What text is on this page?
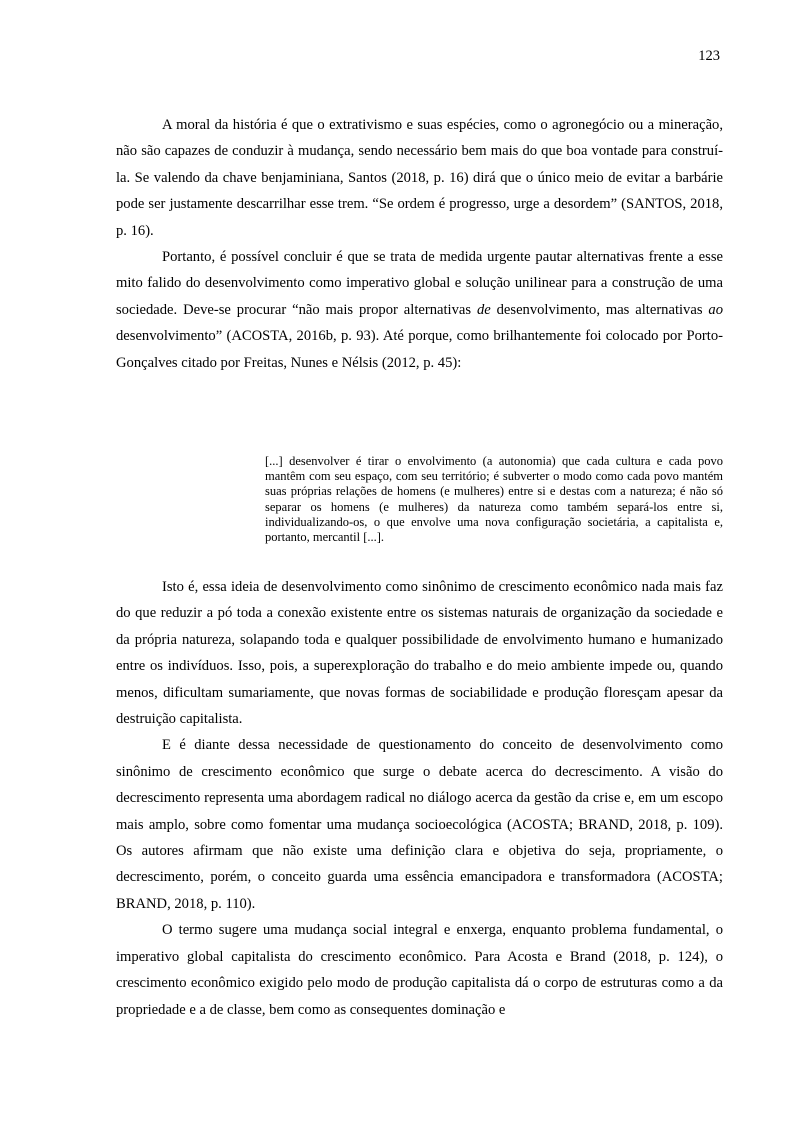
123

A moral da história é que o extrativismo e suas espécies, como o agronegócio ou a mineração, não são capazes de conduzir à mudança, sendo necessário bem mais do que boa vontade para construí-la. Se valendo da chave benjaminiana, Santos (2018, p. 16) dirá que o único meio de evitar a barbárie pode ser justamente descarrilhar esse trem. “Se ordem é progresso, urge a desordem” (SANTOS, 2018, p. 16).

Portanto, é possível concluir é que se trata de medida urgente pautar alternativas frente a esse mito falido do desenvolvimento como imperativo global e solução unilinear para a construção de uma sociedade. Deve-se procurar “não mais propor alternativas de desenvolvimento, mas alternativas ao desenvolvimento” (ACOSTA, 2016b, p. 93). Até porque, como brilhantemente foi colocado por Porto-Gonçalves citado por Freitas, Nunes e Nélsis (2012, p. 45):

[...] desenvolver é tirar o envolvimento (a autonomia) que cada cultura e cada povo mantêm com seu espaço, com seu território; é subverter o modo como cada povo mantém suas próprias relações de homens (e mulheres) entre si e destas com a natureza; é não só separar os homens (e mulheres) da natureza como também separá-los entre si, individualizando-os, o que envolve uma nova configuração societária, a capitalista e, portanto, mercantil [...].

Isto é, essa ideia de desenvolvimento como sinônimo de crescimento econômico nada mais faz do que reduzir a pó toda a conexão existente entre os sistemas naturais de organização da sociedade e da própria natureza, solapando toda e qualquer possibilidade de envolvimento humano e humanizado entre os indivíduos. Isso, pois, a superexploração do trabalho e do meio ambiente impede ou, quando menos, dificultam sumariamente, que novas formas de sociabilidade e produção floresçam apesar da destruição capitalista.

E é diante dessa necessidade de questionamento do conceito de desenvolvimento como sinônimo de crescimento econômico que surge o debate acerca do decrescimento. A visão do decrescimento representa uma abordagem radical no diálogo acerca da gestão da crise e, em um escopo mais amplo, sobre como fomentar uma mudança socioecológica (ACOSTA; BRAND, 2018, p. 109). Os autores afirmam que não existe uma definição clara e objetiva do seja, propriamente, o decrescimento, porém, o conceito guarda uma essência emancipadora e transformadora (ACOSTA; BRAND, 2018, p. 110).

O termo sugere uma mudança social integral e enxerga, enquanto problema fundamental, o imperativo global capitalista do crescimento econômico. Para Acosta e Brand (2018, p. 124), o crescimento econômico exigido pelo modo de produção capitalista dá o corpo de estruturas como a da propriedade e a de classe, bem como as consequentes dominação e
